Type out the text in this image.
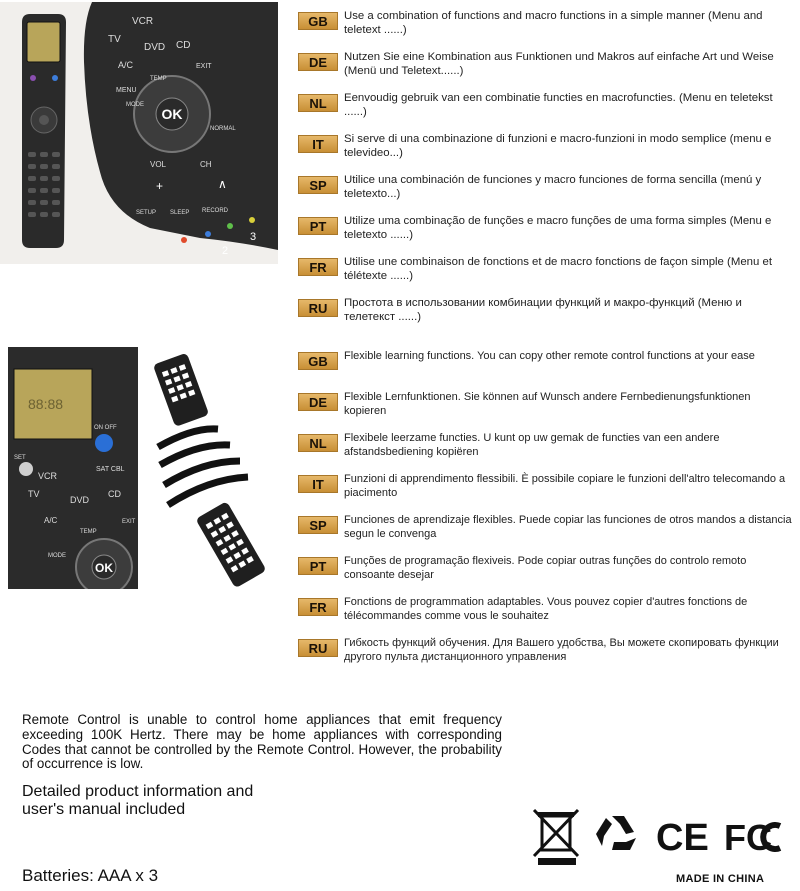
OK
TV
VCR
DVD CD
A/C	EXIT
MENU
MODE
TEMP
NORMAL
VOL	CH
+	∧
SETUP SLEEP RECORD
2
3
GB	Use a combination of functions and macro functions in a simple manner (Menu and teletext ......)
DE	Nutzen Sie eine Kombination aus Funktionen und Makros auf einfache Art und Weise (Menü und Teletext......)
NL	Eenvoudig gebruik van een combinatie functies en macrofuncties. (Menu en teletekst ......)
IT	Si serve di una combinazione di funzioni e macro-funzioni in modo semplice (menu e televideo...)
SP	Utilice una combinación de funciones y macro funciones de forma sencilla (menú y teletexto...)
PT	Utilize uma combinação de funções e macro funções de uma forma simples (Menu e teletexto ......)
FR	Utilise une combinaison de fonctions et de macro fonctions de façon simple (Menu et télétexte ......)
RU	Простота в использовании комбинации функций и макро-функций (Меню и телетекст ......)
88:88
ON OFF
SET
VCR
SAT CBL
TV
DVD
CD
A/C
TEMP
EXIT
OK
MODE
GB	Flexible learning functions. You can copy other remote control functions at your ease
DE	Flexible Lernfunktionen. Sie können auf Wunsch andere Fernbedienungsfunktionen kopieren
NL	Flexibele leerzame functies. U kunt op uw gemak de functies van een andere afstandsbediening kopiëren
IT	Funzioni di apprendimento flessibili. È possibile copiare le funzioni dell'altro telecomando a piacimento
SP	Funciones de aprendizaje flexibles. Puede copiar las funciones de otros mandos a distancia segun le convenga
PT	Funções de programação flexiveis. Pode copiar outras funções do controlo remoto consoante desejar
FR	Fonctions de programmation adaptables. Vous pouvez copier d'autres fonctions de télécommandes comme vous le souhaitez
RU	Гибкость функций обучения. Для Вашего удобства, Вы можете скопировать функции другого пульта дистанционного управления
Remote Control is unable to control home appliances that emit frequency exceeding 100K Hertz. There may be home appliances with corresponding Codes that cannot be controlled by the Remote Control. However, the probability of occurrence is low.
Detailed product information and
user's manual included
Batteries: AAA x 3
CE FC
MADE IN CHINA
